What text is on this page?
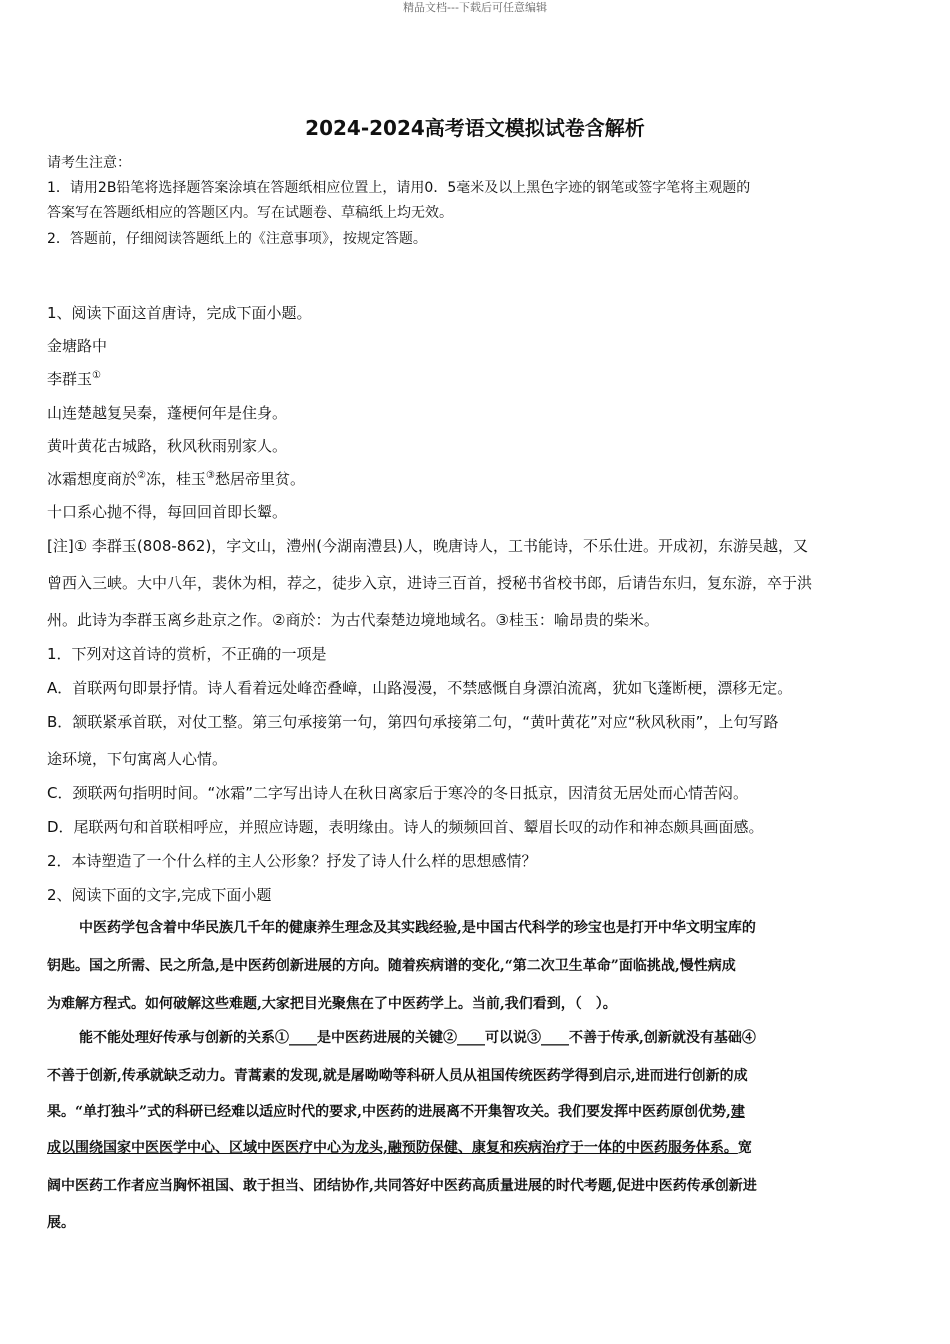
精品文档---下载后可任意编辑
2024-2024高考语文模拟试卷含解析
请考生注意：
1．请用2B铅笔将选择题答案涂填在答题纸相应位置上，请用0．5毫米及以上黑色字迹的钢笔或签字笔将主观题的
答案写在答题纸相应的答题区内。写在试题卷、草稿纸上均无效。
2．答题前，仔细阅读答题纸上的《注意事项》，按规定答题。
1、阅读下面这首唐诗，完成下面小题。
金塘路中
李群玉①
山连楚越复吴秦，蓬梗何年是住身。
黄叶黄花古城路，秋风秋雨别家人。
冰霜想度商於②冻，桂玉③愁居帝里贫。
十口系心抛不得，每回回首即长颦。
[注]① 李群玉(808-862)，字文山，澧州(今湖南澧县)人，晚唐诗人，工书能诗，不乐仕进。开成初，东游吴越，又
曾西入三峡。大中八年，裴休为相，荐之，徒步入京，进诗三百首，授秘书省校书郎，后请告东归，复东游，卒于洪
州。此诗为李群玉离乡赴京之作。②商於：为古代秦楚边境地域名。③桂玉：喻昂贵的柴米。
1．下列对这首诗的赏析，不正确的一项是
A．首联两句即景抒情。诗人看着远处峰峦叠嶂，山路漫漫，不禁感慨自身漂泊流离，犹如飞蓬断梗，漂移无定。
B．颔联紧承首联，对仗工整。第三句承接第一句，第四句承接第二句，“黄叶黄花”对应“秋风秋雨”，上句写路
途环境，下句寓离人心情。
C．颈联两句指明时间。“冰霜”二字写出诗人在秋日离家后于寒冷的冬日抵京，因清贫无居处而心情苦闷。
D．尾联两句和首联相呼应，并照应诗题，表明缘由。诗人的频频回首、颦眉长叹的动作和神态颇具画面感。
2．本诗塑造了一个什么样的主人公形象？抒发了诗人什么样的思想感情？
2、阅读下面的文字,完成下面小题
中医药学包含着中华民族几千年的健康养生理念及其实践经验,是中国古代科学的珍宝也是打开中华文明宝库的
钥匙。国之所需、民之所急,是中医药创新进展的方向。随着疾病谱的变化,“第二次卫生革命”面临挑战,慢性病成
为难解方程式。如何破解这些难题,大家把目光聚焦在了中医药学上。当前,我们看到，（　）。
能不能处理好传承与创新的关系①____是中医药进展的关键②____可以说③____不善于传承,创新就没有基础④
不善于创新,传承就缺乏动力。青蒿素的发现,就是屠呦呦等科研人员从祖国传统医药学得到启示,进而进行创新的成
果。“单打独斗”式的科研已经难以适应时代的要求,中医药的进展离不开集智攻关。我们要发挥中医药原创优势,建
成以围绕国家中医医学中心、区域中医医疗中心为龙头,融预防保健、康复和疾病治疗于一体的中医药服务体系。宽
阔中医药工作者应当胸怀祖国、敢于担当、团结协作,共同答好中医药高质量进展的时代考题,促进中医药传承创新进
展。
